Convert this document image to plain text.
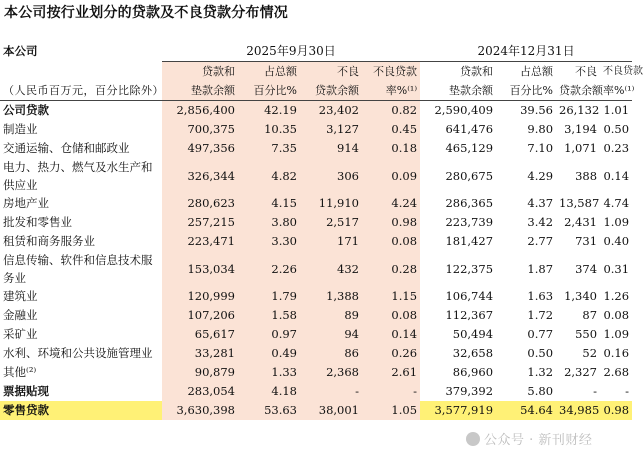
本公司按行业划分的贷款及不良贷款分布情况
本公司	2025年9月30日				2024年12月31日			
	贷款和	占总额	不良	不良贷款	贷款和	占总额	不良	不良贷款
（人民币百万元，百分比除外）	垫款余额	百分比%	贷款余额	率%⁽¹⁾	垫款余额	百分比%	贷款余额	率%⁽¹⁾
公司贷款	2,856,400	42.19	23,402	0.82	2,590,409	39.56	26,132	1.01
制造业	700,375	10.35	3,127	0.45	641,476	9.80	3,194	0.50
交通运输、仓储和邮政业	497,356	7.35	914	0.18	465,129	7.10	1,071	0.23
电力、热力、燃气及水生产和供应业	326,344	4.82	306	0.09	280,675	4.29	388	0.14
房地产业	280,623	4.15	11,910	4.24	286,365	4.37	13,587	4.74
批发和零售业	257,215	3.80	2,517	0.98	223,739	3.42	2,431	1.09
租赁和商务服务业	223,471	3.30	171	0.08	181,427	2.77	731	0.40
信息传输、软件和信息技术服务业	153,034	2.26	432	0.28	122,375	1.87	374	0.31
建筑业	120,999	1.79	1,388	1.15	106,744	1.63	1,340	1.26
金融业	107,206	1.58	89	0.08	112,367	1.72	87	0.08
采矿业	65,617	0.97	94	0.14	50,494	0.77	550	1.09
水利、环境和公共设施管理业	33,281	0.49	86	0.26	32,658	0.50	52	0.16
其他⁽²⁾	90,879	1.33	2,368	2.61	86,960	1.32	2,327	2.68
票据贴现	283,054	4.18	-	-	379,392	5.80	-	-
零售贷款	3,630,398	53.63	38,001	1.05	3,577,919	54.64	34,985	0.98
公众号 · 新刊财经
